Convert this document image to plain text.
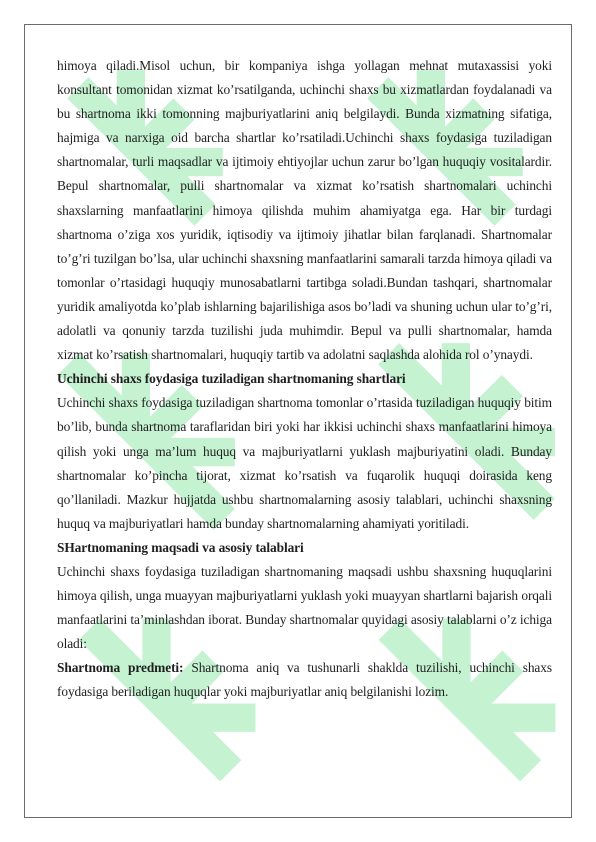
himoya qiladi.Misol uchun, bir kompaniya ishga yollagan mehnat mutaxassisi yoki konsultant tomonidan xizmat ko’rsatilganda, uchinchi shaxs bu xizmatlardan foydalanadi va bu shartnoma ikki tomonning majburiyatlarini aniq belgilaydi. Bunda xizmatning sifatiga, hajmiga va narxiga oid barcha shartlar ko’rsatiladi.Uchinchi shaxs foydasiga tuziladigan shartnomalar, turli maqsadlar va ijtimoiy ehtiyojlar uchun zarur bo’lgan huquqiy vositalardir. Bepul shartnomalar, pulli shartnomalar va xizmat ko’rsatish shartnomalari uchinchi shaxslarning manfaatlarini himoya qilishda muhim ahamiyatga ega. Har bir turdagi shartnoma o’ziga xos yuridik, iqtisodiy va ijtimoiy jihatlar bilan farqlanadi. Shartnomalar to’g’ri tuzilgan bo’lsa, ular uchinchi shaxsning manfaatlarini samarali tarzda himoya qiladi va tomonlar o’rtasidagi huquqiy munosabatlarni tartibga soladi.Bundan tashqari, shartnomalar yuridik amaliyotda ko’plab ishlarning bajarilishiga asos bo’ladi va shuning uchun ular to’g’ri, adolatli va qonuniy tarzda tuzilishi juda muhimdir. Bepul va pulli shartnomalar, hamda xizmat ko’rsatish shartnomalari, huquqiy tartib va adolatni saqlashda alohida rol o’ynaydi.

Uchinchi shaxs foydasiga tuziladigan shartnomaning shartlari

Uchinchi shaxs foydasiga tuziladigan shartnoma tomonlar o’rtasida tuziladigan huquqiy bitim bo’lib, bunda shartnoma taraflaridan biri yoki har ikkisi uchinchi shaxs manfaatlarini himoya qilish yoki unga ma’lum huquq va majburiyatlarni yuklash majburiyatini oladi. Bunday shartnomalar ko’pincha tijorat, xizmat ko’rsatish va fuqarolik huquqi doirasida keng qo’llaniladi. Mazkur hujjatda ushbu shartnomalarning asosiy talablari, uchinchi shaxsning huquq va majburiyatlari hamda bunday shartnomalarning ahamiyati yoritiladi.

SHartnomaning maqsadi va asosiy talablari

Uchinchi shaxs foydasiga tuziladigan shartnomaning maqsadi ushbu shaxsning huquqlarini himoya qilish, unga muayyan majburiyatlarni yuklash yoki muayyan shartlarni bajarish orqali manfaatlarini ta’minlashdan iborat. Bunday shartnomalar quyidagi asosiy talablarni o’z ichiga oladi:

Shartnoma predmeti: Shartnoma aniq va tushunarli shaklda tuzilishi, uchinchi shaxs foydasiga beriladigan huquqlar yoki majburiyatlar aniq belgilanishi lozim.
